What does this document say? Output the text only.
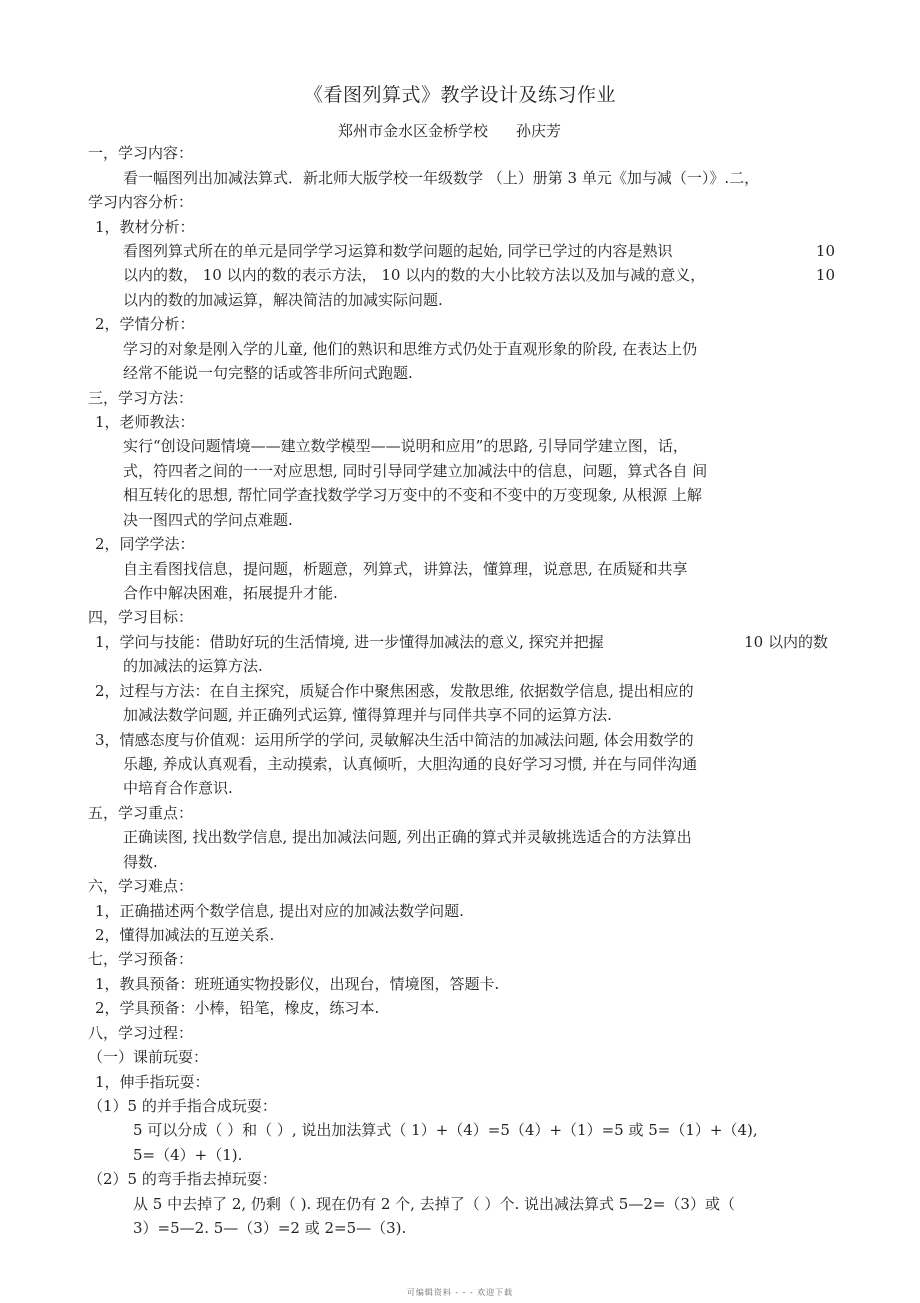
《看图列算式》教学设计及练习作业
郑州市金水区金桥学校 孙庆芳
一，学习内容：
看一幅图列出加减法算式．新北师大版学校一年级数学 （上）册第 3 单元《加与减（一）》.二，
学习内容分析：
1，教材分析：
看图列算式所在的单元是同学学习运算和数学问题的起始, 同学已学过的内容是熟识	10
以内的数， 10 以内的数的表示方法， 10 以内的数的大小比较方法以及加与减的意义，	10
以内的数的加减运算，解决简洁的加减实际问题.
2，学情分析：
学习的对象是刚入学的儿童, 他们的熟识和思维方式仍处于直观形象的阶段, 在表达上仍
经常不能说一句完整的话或答非所问式跑题.
三，学习方法：
1，老师教法：
实行“创设问题情境——建立数学模型——说明和应用”的思路, 引导同学建立图，话，
式，符四者之间的一一对应思想, 同时引导同学建立加减法中的信息，问题，算式各自 间
相互转化的思想, 帮忙同学查找数学学习万变中的不变和不变中的万变现象, 从根源 上解
决一图四式的学问点难题.
2，同学学法：
自主看图找信息，提问题，析题意，列算式，讲算法，懂算理，说意思, 在质疑和共享
合作中解决困难，拓展提升才能.
四，学习目标：
1，学问与技能：借助好玩的生活情境, 进一步懂得加减法的意义, 探究并把握	10 以内的数
的加减法的运算方法.
2，过程与方法：在自主探究，质疑合作中聚焦困惑，发散思维, 依据数学信息, 提出相应的
加减法数学问题, 并正确列式运算, 懂得算理并与同伴共享不同的运算方法.
3，情感态度与价值观：运用所学的学问, 灵敏解决生活中简洁的加减法问题, 体会用数学的
乐趣, 养成认真观看，主动摸索，认真倾听，大胆沟通的良好学习习惯, 并在与同伴沟通
中培育合作意识.
五，学习重点：
正确读图, 找出数学信息, 提出加减法问题, 列出正确的算式并灵敏挑选适合的方法算出
得数.
六，学习难点：
1，正确描述两个数学信息, 提出对应的加减法数学问题.
2，懂得加减法的互逆关系.
七，学习预备：
1，教具预备：班班通实物投影仪，出现台，情境图，答题卡.
2，学具预备：小棒，铅笔，橡皮，练习本.
八，学习过程：
（一）课前玩耍：
1，伸手指玩耍：
（1）5 的并手指合成玩耍：
5 可以分成（ ）和（ ）, 说出加法算式（ 1）+（4）=5（4）+（1）=5 或 5=（1）+（4),
5=（4）+（1).
（2）5 的弯手指去掉玩耍：
从 5 中去掉了 2, 仍剩（ ). 现在仍有 2 个, 去掉了（ ）个. 说出减法算式 5—2=（3）或（
3）=5—2. 5—（3）=2 或 2=5—（3).
可编辑资料 - - - 欢迎下载
